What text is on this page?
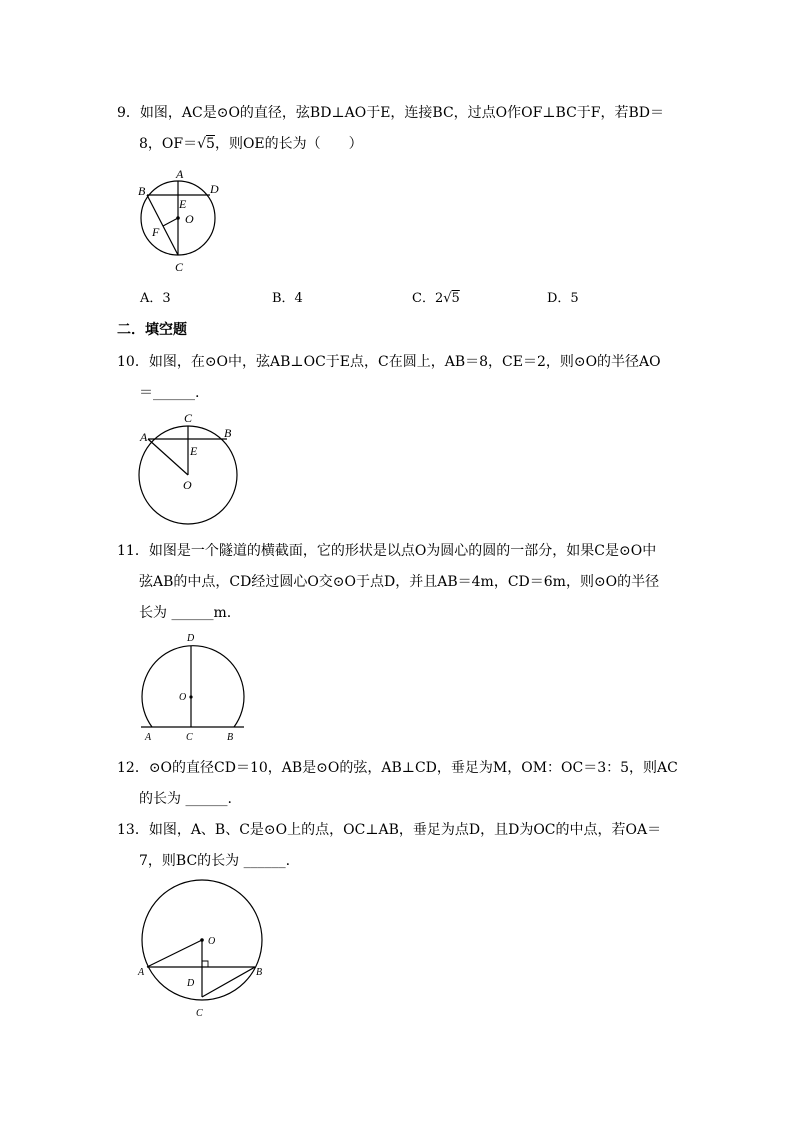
9．如图，AC是⊙O的直径，弦BD⊥AO于E，连接BC，过点O作OF⊥BC于F，若BD＝
8，OF＝√5，则OE的长为（　　）
A
B	D
E
O
F
C
A．3	B．4	C．2√5	D．5
二．填空题
10．如图，在⊙O中，弦AB⊥OC于E点，C在圆上，AB＝8，CE＝2，则⊙O的半径AO
＝______.
A	B
C
E
O
11．如图是一个隧道的横截面，它的形状是以点O为圆心的圆的一部分，如果C是⊙O中
弦AB的中点，CD经过圆心O交⊙O于点D，并且AB＝4m，CD＝6m，则⊙O的半径
长为 ______m.
D
O
A	C	B
12．⊙O的直径CD＝10，AB是⊙O的弦，AB⊥CD，垂足为M，OM：OC＝3：5，则AC
的长为 ______.
13．如图，A、B、C是⊙O上的点，OC⊥AB，垂足为点D，且D为OC的中点，若OA＝
7，则BC的长为 ______.
O
A	B
D
C
